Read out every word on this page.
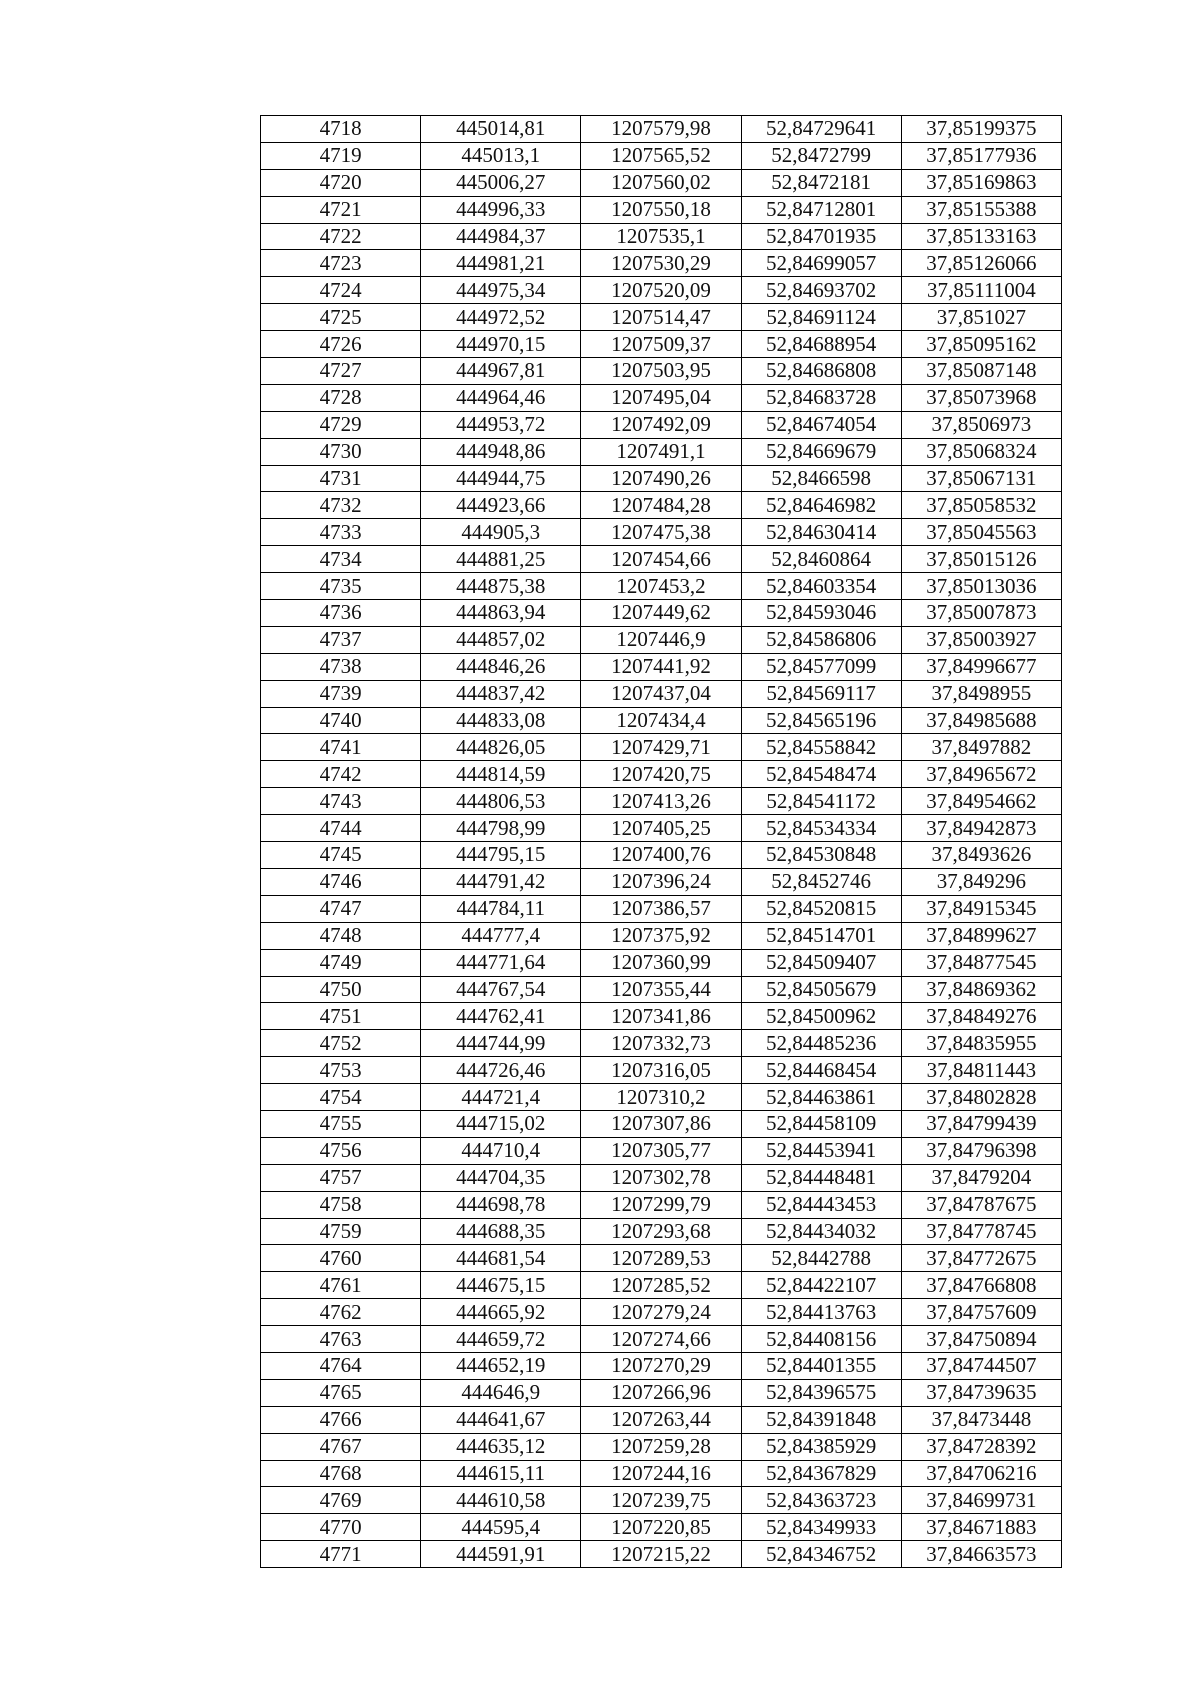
4718	445014,81	1207579,98	52,84729641	37,85199375
4719	445013,1	1207565,52	52,8472799	37,85177936
4720	445006,27	1207560,02	52,8472181	37,85169863
4721	444996,33	1207550,18	52,84712801	37,85155388
4722	444984,37	1207535,1	52,84701935	37,85133163
4723	444981,21	1207530,29	52,84699057	37,85126066
4724	444975,34	1207520,09	52,84693702	37,85111004
4725	444972,52	1207514,47	52,84691124	37,851027
4726	444970,15	1207509,37	52,84688954	37,85095162
4727	444967,81	1207503,95	52,84686808	37,85087148
4728	444964,46	1207495,04	52,84683728	37,85073968
4729	444953,72	1207492,09	52,84674054	37,8506973
4730	444948,86	1207491,1	52,84669679	37,85068324
4731	444944,75	1207490,26	52,8466598	37,85067131
4732	444923,66	1207484,28	52,84646982	37,85058532
4733	444905,3	1207475,38	52,84630414	37,85045563
4734	444881,25	1207454,66	52,8460864	37,85015126
4735	444875,38	1207453,2	52,84603354	37,85013036
4736	444863,94	1207449,62	52,84593046	37,85007873
4737	444857,02	1207446,9	52,84586806	37,85003927
4738	444846,26	1207441,92	52,84577099	37,84996677
4739	444837,42	1207437,04	52,84569117	37,8498955
4740	444833,08	1207434,4	52,84565196	37,84985688
4741	444826,05	1207429,71	52,84558842	37,8497882
4742	444814,59	1207420,75	52,84548474	37,84965672
4743	444806,53	1207413,26	52,84541172	37,84954662
4744	444798,99	1207405,25	52,84534334	37,84942873
4745	444795,15	1207400,76	52,84530848	37,8493626
4746	444791,42	1207396,24	52,8452746	37,849296
4747	444784,11	1207386,57	52,84520815	37,84915345
4748	444777,4	1207375,92	52,84514701	37,84899627
4749	444771,64	1207360,99	52,84509407	37,84877545
4750	444767,54	1207355,44	52,84505679	37,84869362
4751	444762,41	1207341,86	52,84500962	37,84849276
4752	444744,99	1207332,73	52,84485236	37,84835955
4753	444726,46	1207316,05	52,84468454	37,84811443
4754	444721,4	1207310,2	52,84463861	37,84802828
4755	444715,02	1207307,86	52,84458109	37,84799439
4756	444710,4	1207305,77	52,84453941	37,84796398
4757	444704,35	1207302,78	52,84448481	37,8479204
4758	444698,78	1207299,79	52,84443453	37,84787675
4759	444688,35	1207293,68	52,84434032	37,84778745
4760	444681,54	1207289,53	52,8442788	37,84772675
4761	444675,15	1207285,52	52,84422107	37,84766808
4762	444665,92	1207279,24	52,84413763	37,84757609
4763	444659,72	1207274,66	52,84408156	37,84750894
4764	444652,19	1207270,29	52,84401355	37,84744507
4765	444646,9	1207266,96	52,84396575	37,84739635
4766	444641,67	1207263,44	52,84391848	37,8473448
4767	444635,12	1207259,28	52,84385929	37,84728392
4768	444615,11	1207244,16	52,84367829	37,84706216
4769	444610,58	1207239,75	52,84363723	37,84699731
4770	444595,4	1207220,85	52,84349933	37,84671883
4771	444591,91	1207215,22	52,84346752	37,84663573
